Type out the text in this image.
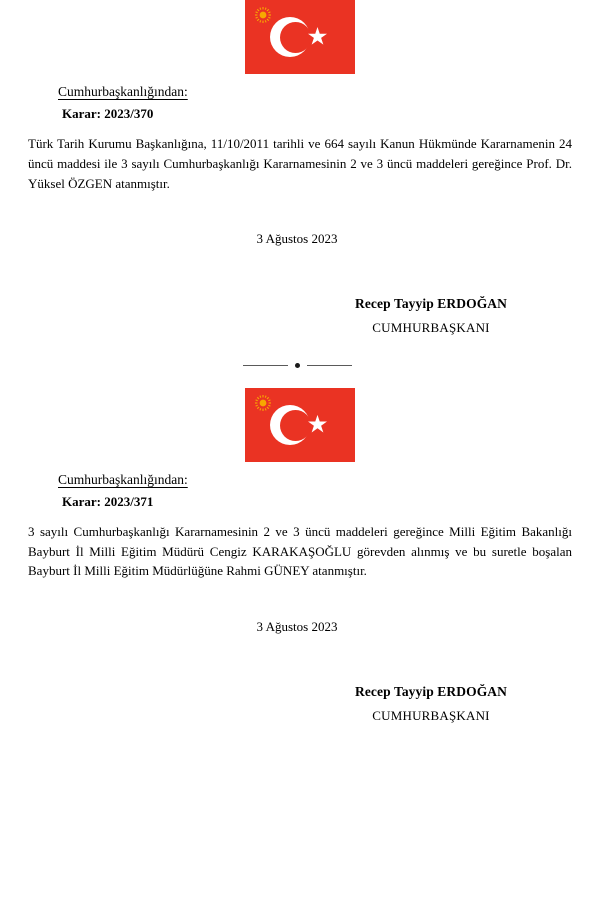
Cumhurbaşkanlığından:
Karar: 2023/370
Türk Tarih Kurumu Başkanlığına, 11/10/2011 tarihli ve 664 sayılı Kanun Hükmünde Kararnamenin 24 üncü maddesi ile 3 sayılı Cumhurbaşkanlığı Kararnamesinin 2 ve 3 üncü maddeleri gereğince Prof. Dr. Yüksel ÖZGEN atanmıştır.
3 Ağustos 2023
Recep Tayyip ERDOĞAN
CUMHURBAŞKANI
Cumhurbaşkanlığından:
Karar: 2023/371
3 sayılı Cumhurbaşkanlığı Kararnamesinin 2 ve 3 üncü maddeleri gereğince Milli Eğitim Bakanlığı Bayburt İl Milli Eğitim Müdürü Cengiz KARAKAŞOĞLU görevden alınmış ve bu suretle boşalan Bayburt İl Milli Eğitim Müdürlüğüne Rahmi GÜNEY atanmıştır.
3 Ağustos 2023
Recep Tayyip ERDOĞAN
CUMHURBAŞKANI
